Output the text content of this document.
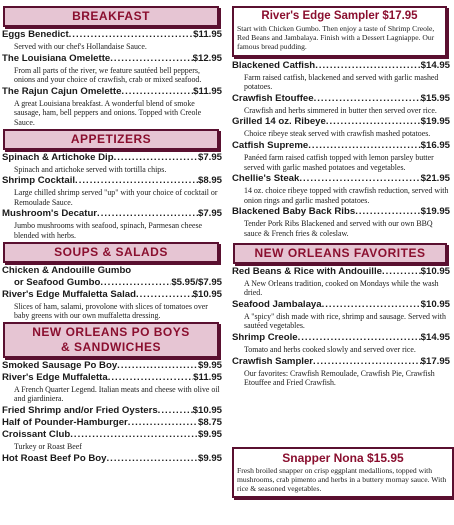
BREAKFAST
Eggs Benedict .....	$11.95
Served with our chef's Hollandaise Sauce.
The Louisiana Omelette .....	$12.95
From all parts of the river, we feature sautéed bell peppers, onions and your choice of crawfish, crab or mixed seafood.
The Rajun Cajun Omelette .....	$11.95
A great Louisiana breakfast. A wonderful blend of smoke sausage, ham, bell peppers and onions. Topped with Creole Sauce.
APPETIZERS
Spinach & Artichoke Dip .....	$7.95
Spinach and artichoke served with tortilla chips.
Shrimp Cocktail .....	$8.95
Large chilled shrimp served "up" with your choice of cocktail or Remoulade Sauce.
Mushroom's Decatur .....	$7.95
Jumbo mushrooms with seafood, spinach, Parmesan cheese blended with herbs.
SOUPS & SALADS
Chicken & Andouille Gumbo
or Seafood Gumbo .....	$5.95/$7.95
River's Edge Muffaletta Salad .....	$10.95
Slices of ham, salami, provolone with slices of tomatoes over baby greens with our own muffaletta dressing.
NEW ORLEANS PO BOYS
& SANDWICHES
Smoked Sausage Po Boy .....	$9.95
River's Edge Muffaletta .....	$11.95
A French Quarter Legend. Italian meats and cheese with olive oil and giardiniera.
Fried Shrimp and/or Fried Oysters .....	$10.95
Half of Pounder-Hamburger .....	$8.75
Croissant Club .....	$9.95
Turkey or Roast Beef
Hot Roast Beef Po Boy .....	$9.95
River's Edge Sampler $17.95
Start with Chicken Gumbo. Then enjoy a taste of Shrimp Creole, Red Beans and Jambalaya. Finish with a Dessert Lagniappe. Our famous bread pudding.
Blackened Catfish .....	$14.95
Farm raised catfish, blackened and served with garlic mashed potatoes.
Crawfish Etouffee .....	$15.95
Crawfish and herbs simmered in butter then served over rice.
Grilled 14 oz. Ribeye .....	$19.95
Choice ribeye steak served with crawfish mashed potatoes.
Catfish Supreme .....	$16.95
Panéed farm raised catfish topped with lemon parsley butter served with garlic mashed potatoes and vegetables.
Chellie's Steak .....	$21.95
14 oz. choice ribeye topped with crawfish reduction, served with onion rings and garlic mashed potatoes.
Blackened Baby Back Ribs .....	$19.95
Tender Pork Ribs Blackened and served with our own BBQ sauce & French fries & coleslaw.
NEW ORLEANS FAVORITES
Red Beans & Rice with Andouille .....	$10.95
A New Orleans tradition, cooked on Mondays while the wash dried.
Seafood Jambalaya .....	$10.95
A "spicy" dish made with rice, shrimp and sausage. Served with sautéed vegetables.
Shrimp Creole .....	$14.95
Tomato and herbs cooked slowly and served over rice.
Crawfish Sampler .....	$17.95
Our favorites: Crawfish Remoulade, Crawfish Pie, Crawfish Etouffee and Fried Crawfish.
Snapper Nona $15.95
Fresh broiled snapper on crisp eggplant medallions, topped with mushrooms, crab pimento and herbs in a buttery mornay sauce. With rice & seasoned vegetables.
